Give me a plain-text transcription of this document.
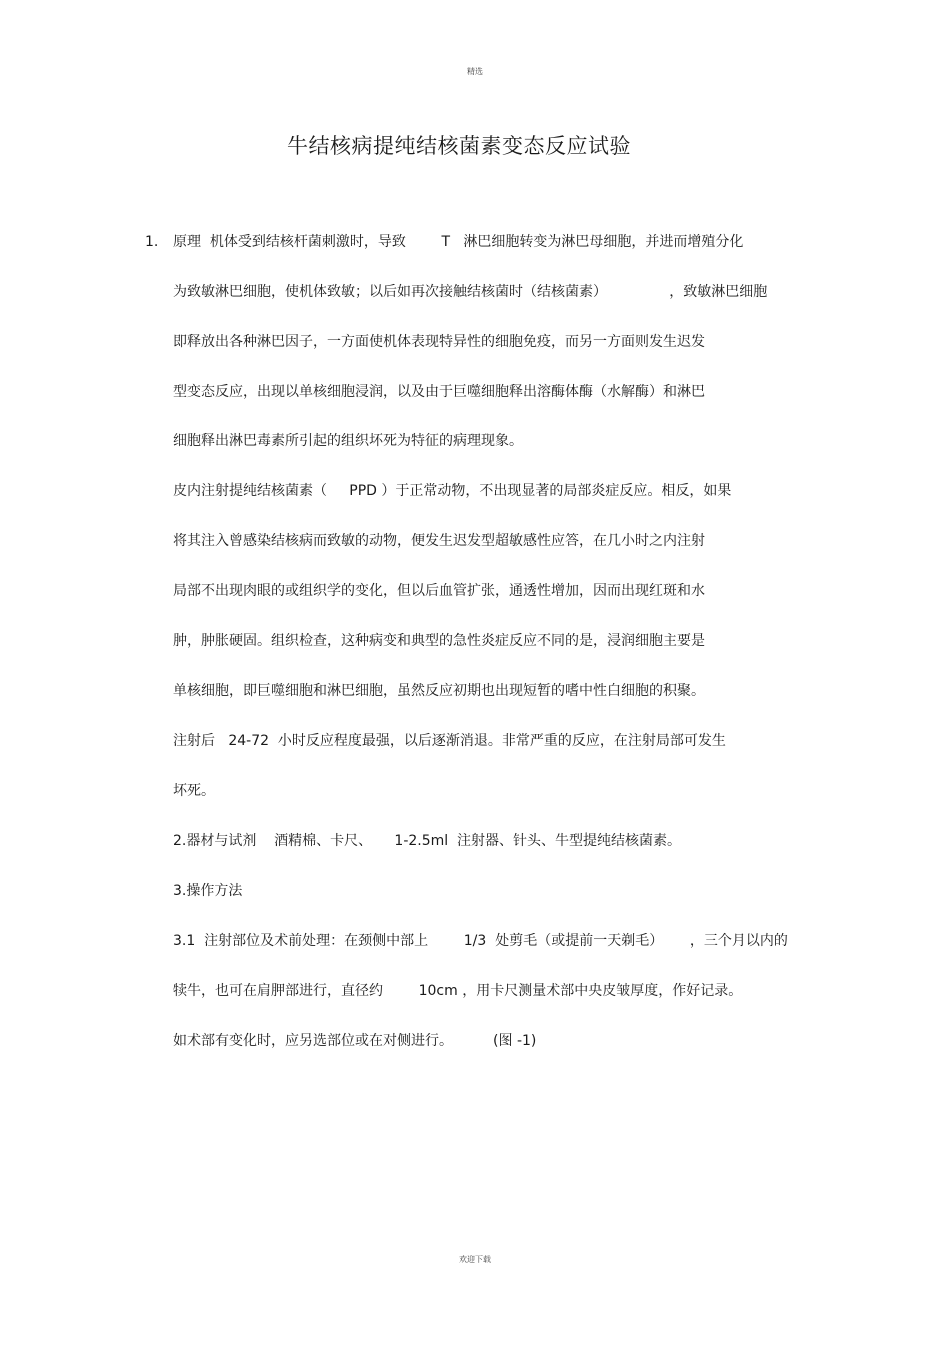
精选
牛结核病提纯结核菌素变态反应试验
1. 原理  机体受到结核杆菌刺激时，导致        T   淋巴细胞转变为淋巴母细胞，并进而增殖分化
为致敏淋巴细胞，使机体致敏；以后如再次接触结核菌时（结核菌素）              ，致敏淋巴细胞
即释放出各种淋巴因子，一方面使机体表现特异性的细胞免疫，而另一方面则发生迟发
型变态反应，出现以单核细胞浸润，以及由于巨噬细胞释出溶酶体酶（水解酶）和淋巴
细胞释出淋巴毒素所引起的组织坏死为特征的病理现象。
皮内注射提纯结核菌素（     PPD ）于正常动物，不出现显著的局部炎症反应。相反，如果
将其注入曾感染结核病而致敏的动物，便发生迟发型超敏感性应答，在几小时之内注射
局部不出现肉眼的或组织学的变化，但以后血管扩张，通透性增加，因而出现红斑和水
肿，肿胀硬固。组织检查，这种病变和典型的急性炎症反应不同的是，浸润细胞主要是
单核细胞，即巨噬细胞和淋巴细胞，虽然反应初期也出现短暂的嗜中性白细胞的积聚。
注射后   24-72  小时反应程度最强，以后逐渐消退。非常严重的反应，在注射局部可发生
坏死。
2.器材与试剂    酒精棉、卡尺、     1-2.5ml  注射器、针头、牛型提纯结核菌素。
3.操作方法
3.1  注射部位及术前处理：在颈侧中部上        1/3  处剪毛（或提前一天剃毛）      ，三个月以内的
犊牛，也可在肩胛部进行，直径约        10cm ，用卡尺测量术部中央皮皱厚度，作好记录。
如术部有变化时，应另选部位或在对侧进行。         (图 -1)
欢迎下载
